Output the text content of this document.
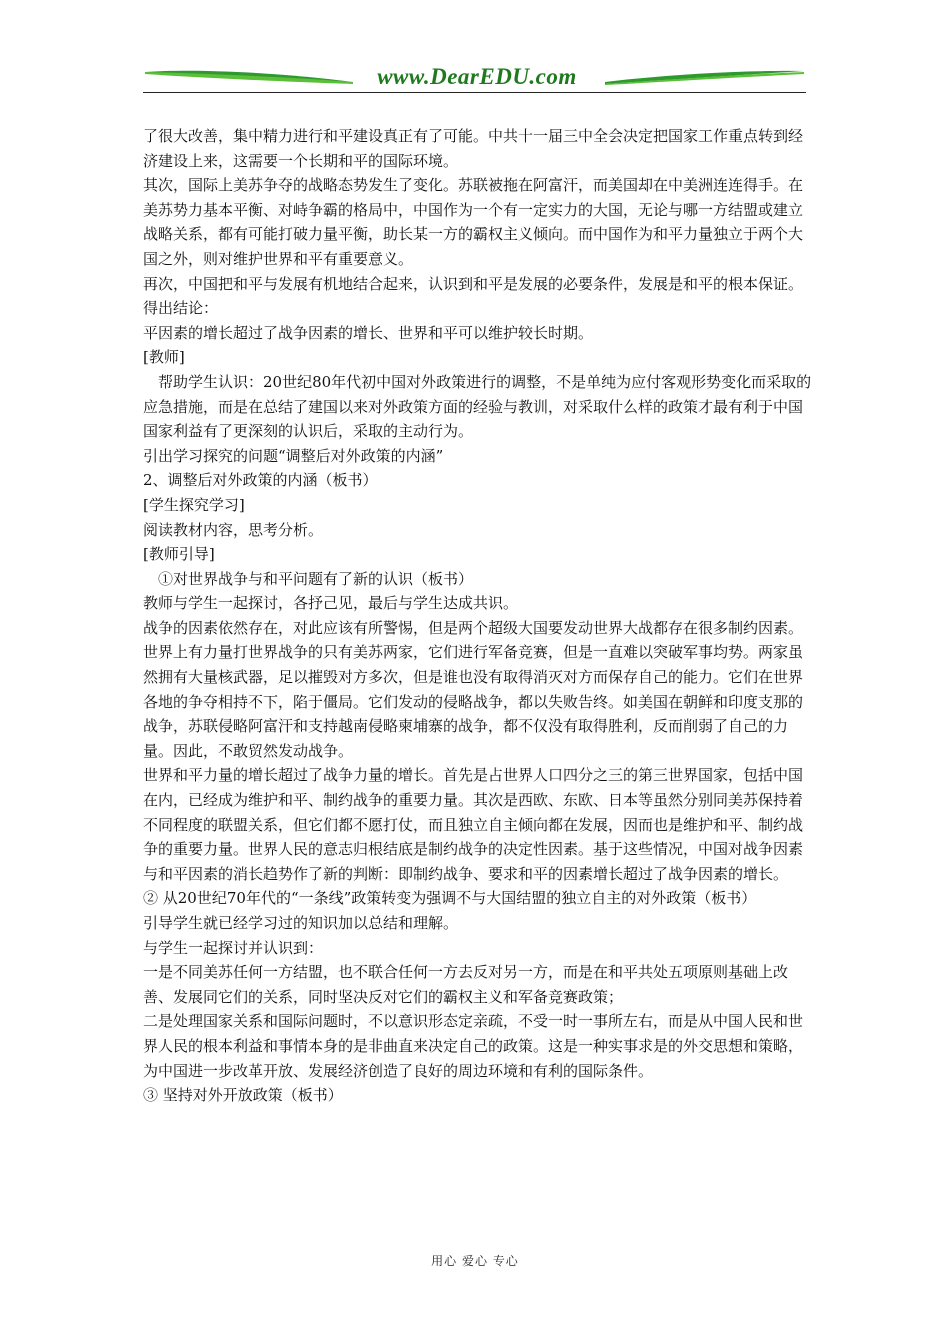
www.DearEDU.com

了很大改善，集中精力进行和平建设真正有了可能。中共十一届三中全会决定把国家工作重点转到经济建设上来，这需要一个长期和平的国际环境。

其次，国际上美苏争夺的战略态势发生了变化。苏联被拖在阿富汗，而美国却在中美洲连连得手。在美苏势力基本平衡、对峙争霸的格局中，中国作为一个有一定实力的大国，无论与哪一方结盟或建立战略关系，都有可能打破力量平衡，助长某一方的霸权主义倾向。而中国作为和平力量独立于两个大国之外，则对维护世界和平有重要意义。

再次，中国把和平与发展有机地结合起来，认识到和平是发展的必要条件，发展是和平的根本保证。

得出结论：

平因素的增长超过了战争因素的增长、世界和平可以维护较长时期。

[教师]

帮助学生认识：20世纪80年代初中国对外政策进行的调整，不是单纯为应付客观形势变化而采取的应急措施，而是在总结了建国以来对外政策方面的经验与教训，对采取什么样的政策才最有利于中国国家利益有了更深刻的认识后，采取的主动行为。

引出学习探究的问题“调整后对外政策的内涵”

2、调整后对外政策的内涵（板书）

[学生探究学习]

阅读教材内容，思考分析。

[教师引导]

①对世界战争与和平问题有了新的认识（板书）

教师与学生一起探讨，各抒己见，最后与学生达成共识。

战争的因素依然存在，对此应该有所警惕，但是两个超级大国要发动世界大战都存在很多制约因素。世界上有力量打世界战争的只有美苏两家，它们进行军备竞赛，但是一直难以突破军事均势。两家虽然拥有大量核武器，足以摧毁对方多次，但是谁也没有取得消灭对方而保存自己的能力。它们在世界各地的争夺相持不下，陷于僵局。它们发动的侵略战争，都以失败告终。如美国在朝鲜和印度支那的战争，苏联侵略阿富汗和支持越南侵略柬埔寨的战争，都不仅没有取得胜利，反而削弱了自己的力量。因此，不敢贸然发动战争。

世界和平力量的增长超过了战争力量的增长。首先是占世界人口四分之三的第三世界国家，包括中国在内，已经成为维护和平、制约战争的重要力量。其次是西欧、东欧、日本等虽然分别同美苏保持着不同程度的联盟关系，但它们都不愿打仗，而且独立自主倾向都在发展，因而也是维护和平、制约战争的重要力量。世界人民的意志归根结底是制约战争的决定性因素。基于这些情况，中国对战争因素与和平因素的消长趋势作了新的判断：即制约战争、要求和平的因素增长超过了战争因素的增长。

② 从20世纪70年代的“一条线”政策转变为强调不与大国结盟的独立自主的对外政策（板书）

引导学生就已经学习过的知识加以总结和理解。

与学生一起探讨并认识到：

一是不同美苏任何一方结盟，也不联合任何一方去反对另一方，而是在和平共处五项原则基础上改善、发展同它们的关系，同时坚决反对它们的霸权主义和军备竞赛政策；

二是处理国家关系和国际问题时，不以意识形态定亲疏，不受一时一事所左右，而是从中国人民和世界人民的根本利益和事情本身的是非曲直来决定自己的政策。这是一种实事求是的外交思想和策略，为中国进一步改革开放、发展经济创造了良好的周边环境和有利的国际条件。

③ 坚持对外开放政策（板书）

用心 爱心 专心
